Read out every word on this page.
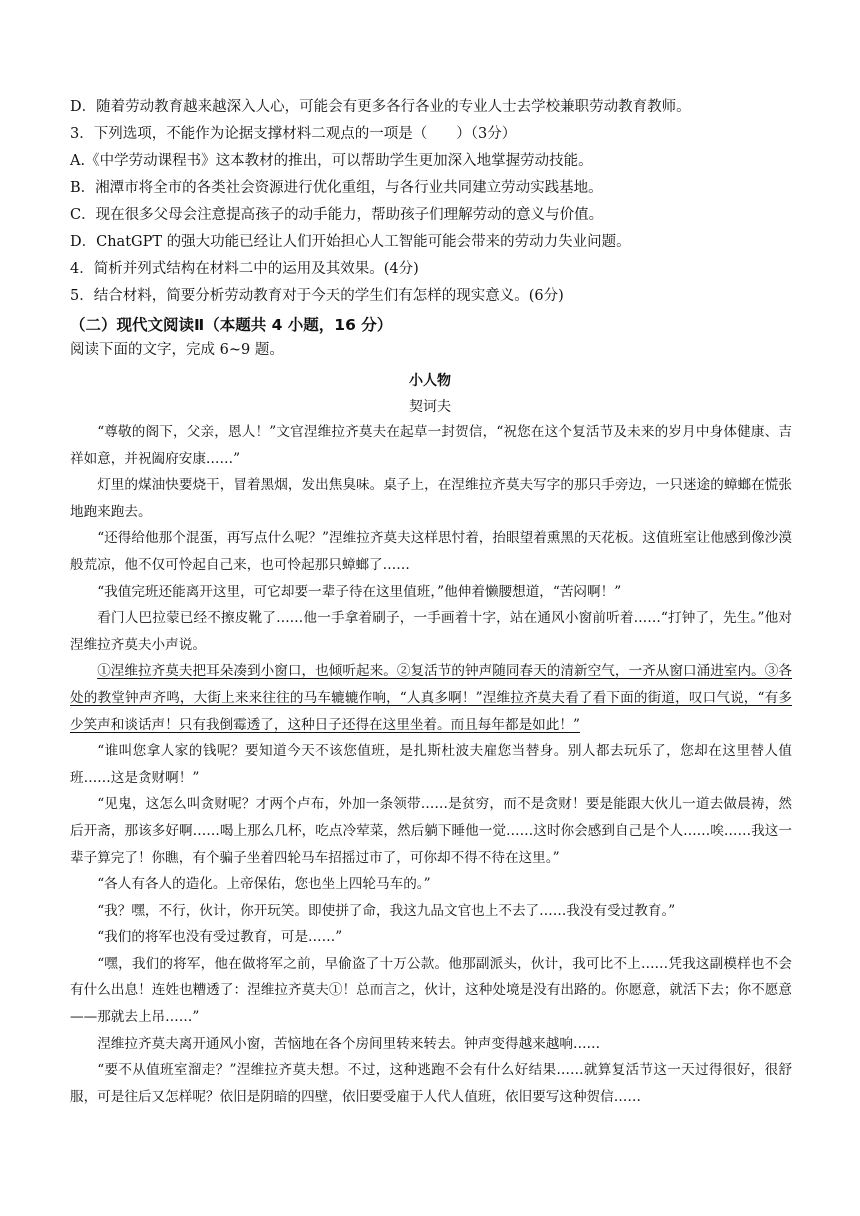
D．随着劳动教育越来越深入人心，可能会有更多各行各业的专业人士去学校兼职劳动教育教师。
3．下列选项，不能作为论据支撑材料二观点的一项是（　　）（3分）
A.《中学劳动课程书》这本教材的推出，可以帮助学生更加深入地掌握劳动技能。
B．湘潭市将全市的各类社会资源进行优化重组，与各行业共同建立劳动实践基地。
C．现在很多父母会注意提高孩子的动手能力，帮助孩子们理解劳动的意义与价值。
D．ChatGPT 的强大功能已经让人们开始担心人工智能可能会带来的劳动力失业问题。
4．简析并列式结构在材料二中的运用及其效果。(4分)
5．结合材料，简要分析劳动教育对于今天的学生们有怎样的现实意义。(6分)
（二）现代文阅读Ⅱ（本题共 4 小题，16 分）
阅读下面的文字，完成 6~9 题。
小人物
契诃夫

“尊敬的阁下，父亲，恩人！”文官涅维拉齐莫夫在起草一封贺信，“祝您在这个复活节及未来的岁月中身体健康、吉祥如意，并祝阖府安康……”

灯里的煤油快要烧干，冒着黑烟，发出焦臭味。桌子上，在涅维拉齐莫夫写字的那只手旁边，一只迷途的蟑螂在慌张地跑来跑去。

“还得给他那个混蛋，再写点什么呢？”涅维拉齐莫夫这样思忖着，抬眼望着熏黑的天花板。这值班室让他感到像沙漠般荒凉，他不仅可怜起自己来，也可怜起那只蟑螂了……

“我值完班还能离开这里，可它却要一辈子待在这里值班，”他伸着懒腰想道，“苦闷啊！”

看门人巴拉蒙已经不擦皮靴了……他一手拿着刷子，一手画着十字，站在通风小窗前听着……“打钟了，先生。”他对涅维拉齐莫夫小声说。

①涅维拉齐莫夫把耳朵凑到小窗口，也倾听起来。②复活节的钟声随同春天的清新空气，一齐从窗口涌进室内。③各处的教堂钟声齐鸣，大街上来来往往的马车辘辘作响，“人真多啊！”涅维拉齐莫夫看了看下面的街道，叹口气说，“有多少笑声和谈话声！只有我倒霉透了，这种日子还得在这里坐着。而且每年都是如此！”

“谁叫您拿人家的钱呢？要知道今天不该您值班，是扎斯杜波夫雇您当替身。别人都去玩乐了，您却在这里替人值班……这是贪财啊！”

“见鬼，这怎么叫贪财呢？才两个卢布，外加一条领带……是贫穷，而不是贪财！要是能跟大伙儿一道去做晨祷，然后开斋，那该多好啊……喝上那么几杯，吃点冷荤菜，然后躺下睡他一觉……这时你会感到自己是个人……唉……我这一辈子算完了！你瞧，有个骗子坐着四轮马车招摇过市了，可你却不得不待在这里。”

“各人有各人的造化。上帝保佑，您也坐上四轮马车的。”

“我？嘿，不行，伙计，你开玩笑。即使拼了命，我这九品文官也上不去了……我没有受过教育。”

“我们的将军也没有受过教育，可是……”

“嘿，我们的将军，他在做将军之前，早偷盗了十万公款。他那副派头，伙计，我可比不上……凭我这副模样也不会有什么出息！连姓也糟透了：涅维拉齐莫夫①！总而言之，伙计，这种处境是没有出路的。你愿意，就活下去；你不愿意——那就去上吊……”

涅维拉齐莫夫离开通风小窗，苦恼地在各个房间里转来转去。钟声变得越来越响……

“要不从值班室溜走？”涅维拉齐莫夫想。不过，这种逃跑不会有什么好结果……就算复活节这一天过得很好，很舒服，可是往后又怎样呢？依旧是阴暗的四壁，依旧要受雇于人代人值班，依旧要写这种贺信……
